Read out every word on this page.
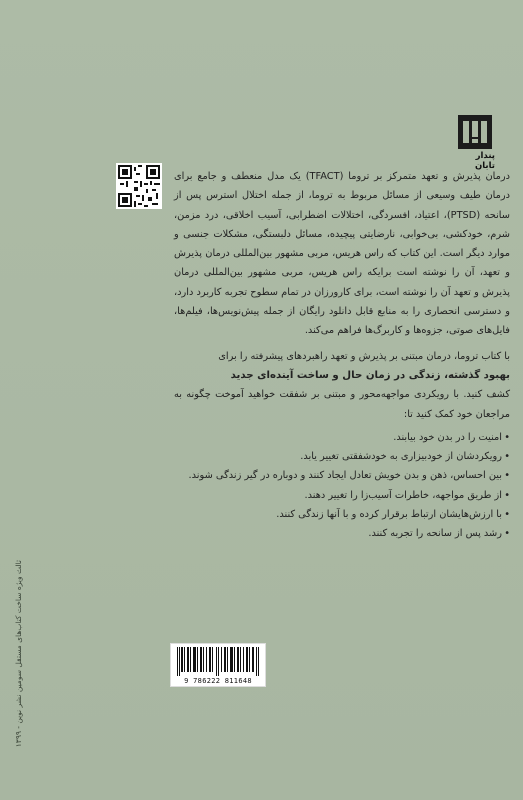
ثالث ویژه ساخت کتاب‌های مستقل سومین نشر نوین - ۱۳۹۹
پندار تابان

درمان پذیرش و تعهد متمرکز بر تروما (TFACT) یک مدل منعطف و جامع برای درمان طیف وسیعی از مسائل مربوط به تروما، از جمله اختلال استرس پس از سانحه (PTSD)، اعتیاد، افسردگی، اختلالات اضطرابی، آسیب اخلاقی، درد مزمن، شرم، خودکشی، بی‌خوابی، نارضایتی پیچیده، مسائل دلبستگی، مشکلات جنسی و موارد دیگر است. این کتاب که راس هریس، مربی مشهور بین‌المللی درمان پذیرش و تعهد، آن را نوشته است برایکه راس هریس، مربی مشهور بین‌المللی درمان پذیرش و تعهد آن را نوشته است، برای کارورزان در تمام سطوح تجربه کاربرد دارد، و دسترسی انحصاری را به منابع قابل دانلود رایگان از جمله پیش‌نویس‌ها، فیلم‌ها، فایل‌های صوتی، جزوه‌ها و کاربرگ‌ها فراهم می‌کند.

با کتاب تروما، درمان مبتنی بر پذیرش و تعهد راهبردهای پیشرفته را برای
بهبود گذشته، زندگی در زمان حال و ساخت آینده‌ای جدید
کشف کنید. با رویکردی مواجهه‌محور و مبتنی بر شفقت خواهید آموخت چگونه به مراجعان خود کمک کنید تا:

• امنیت را در بدن خود بیابند.
• رویکردشان از خودبیزاری به خودشفقتی تغییر یابد.
• بین احساس، ذهن و بدن خویش تعادل ایجاد کنند و دوباره در گیر زندگی شوند.
• از طریق مواجهه، خاطرات آسیب‌زا را تغییر دهند.
• با ارزش‌هایشان ارتباط برقرار کرده و با آنها زندگی کنند.
• رشد پس از سانحه را تجربه کنند.
9 786222 811648
